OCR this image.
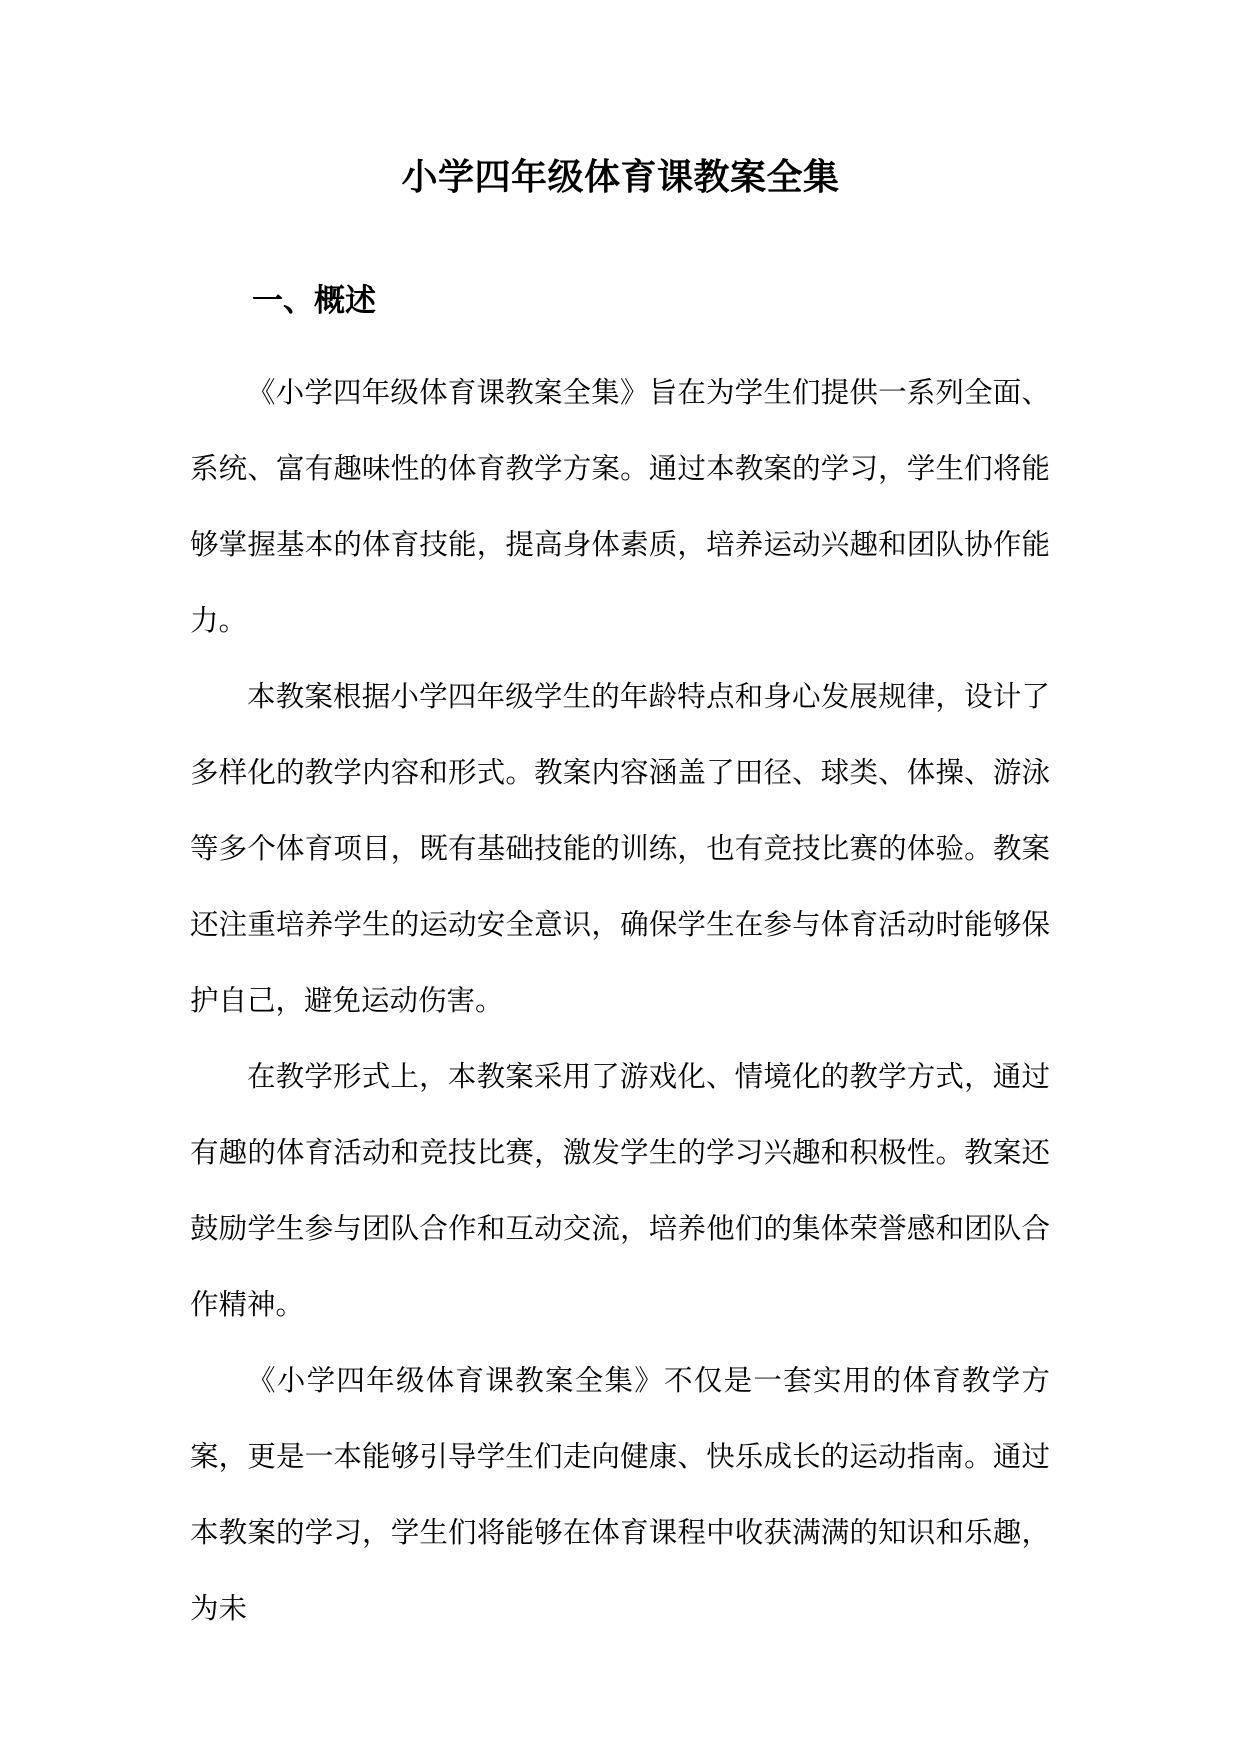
小学四年级体育课教案全集
一、概述

《小学四年级体育课教案全集》旨在为学生们提供一系列全面、系统、富有趣味性的体育教学方案。通过本教案的学习，学生们将能够掌握基本的体育技能，提高身体素质，培养运动兴趣和团队协作能力。

本教案根据小学四年级学生的年龄特点和身心发展规律，设计了多样化的教学内容和形式。教案内容涵盖了田径、球类、体操、游泳等多个体育项目，既有基础技能的训练，也有竞技比赛的体验。教案还注重培养学生的运动安全意识，确保学生在参与体育活动时能够保护自己，避免运动伤害。

在教学形式上，本教案采用了游戏化、情境化的教学方式，通过有趣的体育活动和竞技比赛，激发学生的学习兴趣和积极性。教案还鼓励学生参与团队合作和互动交流，培养他们的集体荣誉感和团队合作精神。

《小学四年级体育课教案全集》不仅是一套实用的体育教学方案，更是一本能够引导学生们走向健康、快乐成长的运动指南。通过本教案的学习，学生们将能够在体育课程中收获满满的知识和乐趣，为未
